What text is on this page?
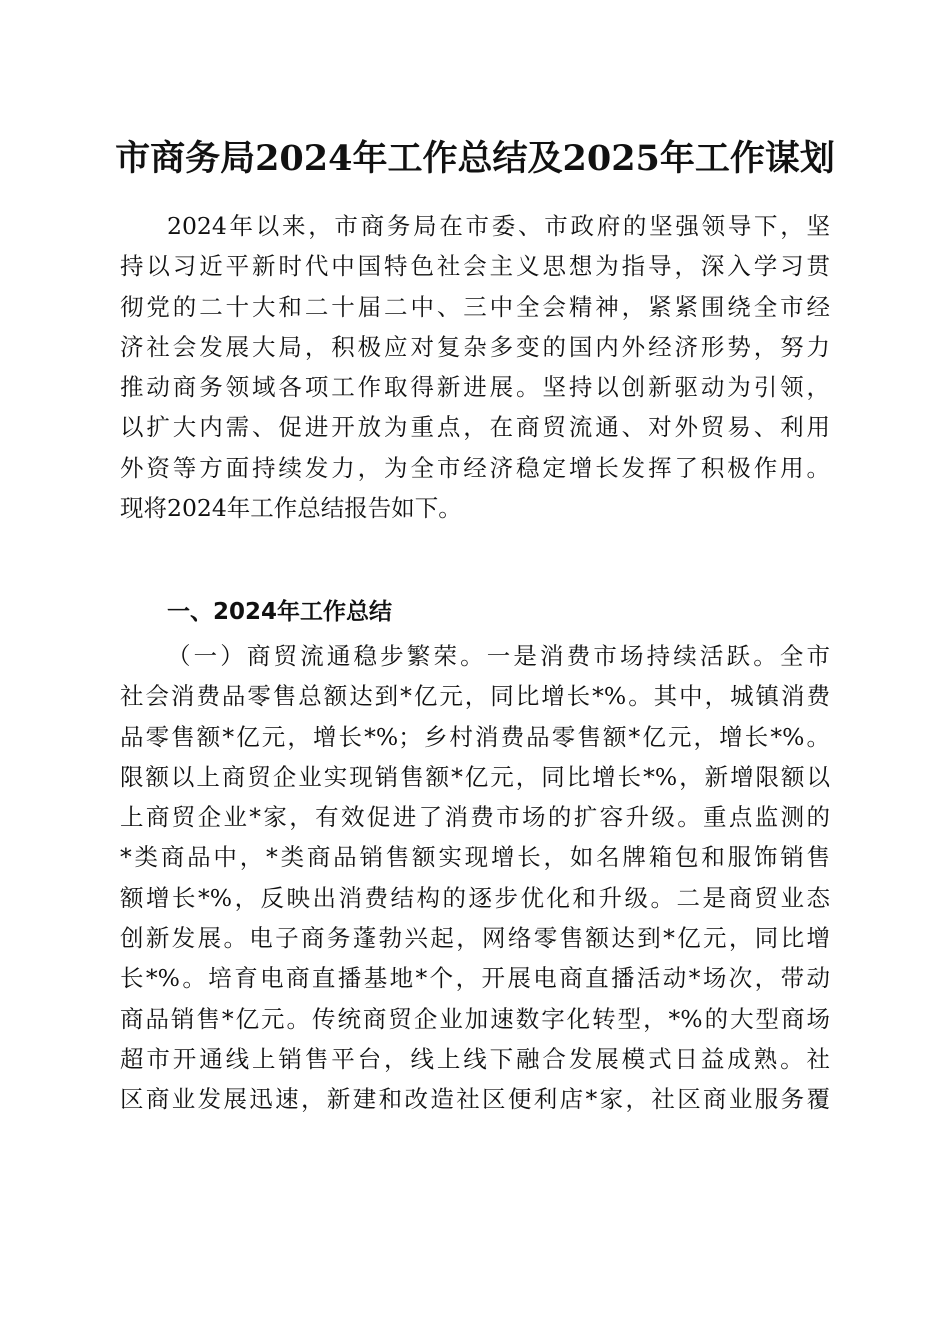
市商务局2024年工作总结及2025年工作谋划
2024年以来，市商务局在市委、市政府的坚强领导下，坚
持以习近平新时代中国特色社会主义思想为指导，深入学习贯
彻党的二十大和二十届二中、三中全会精神，紧紧围绕全市经
济社会发展大局，积极应对复杂多变的国内外经济形势，努力
推动商务领域各项工作取得新进展。坚持以创新驱动为引领，
以扩大内需、促进开放为重点，在商贸流通、对外贸易、利用
外资等方面持续发力，为全市经济稳定增长发挥了积极作用。
现将2024年工作总结报告如下。
一、2024年工作总结
（一）商贸流通稳步繁荣。一是消费市场持续活跃。全市
社会消费品零售总额达到*亿元，同比增长*%。其中，城镇消费
品零售额*亿元，增长*%；乡村消费品零售额*亿元，增长*%。
限额以上商贸企业实现销售额*亿元，同比增长*%，新增限额以
上商贸企业*家，有效促进了消费市场的扩容升级。重点监测的
*类商品中，*类商品销售额实现增长，如名牌箱包和服饰销售
额增长*%，反映出消费结构的逐步优化和升级。二是商贸业态
创新发展。电子商务蓬勃兴起，网络零售额达到*亿元，同比增
长*%。培育电商直播基地*个，开展电商直播活动*场次，带动
商品销售*亿元。传统商贸企业加速数字化转型，*%的大型商场
超市开通线上销售平台，线上线下融合发展模式日益成熟。社
区商业发展迅速，新建和改造社区便利店*家，社区商业服务覆
